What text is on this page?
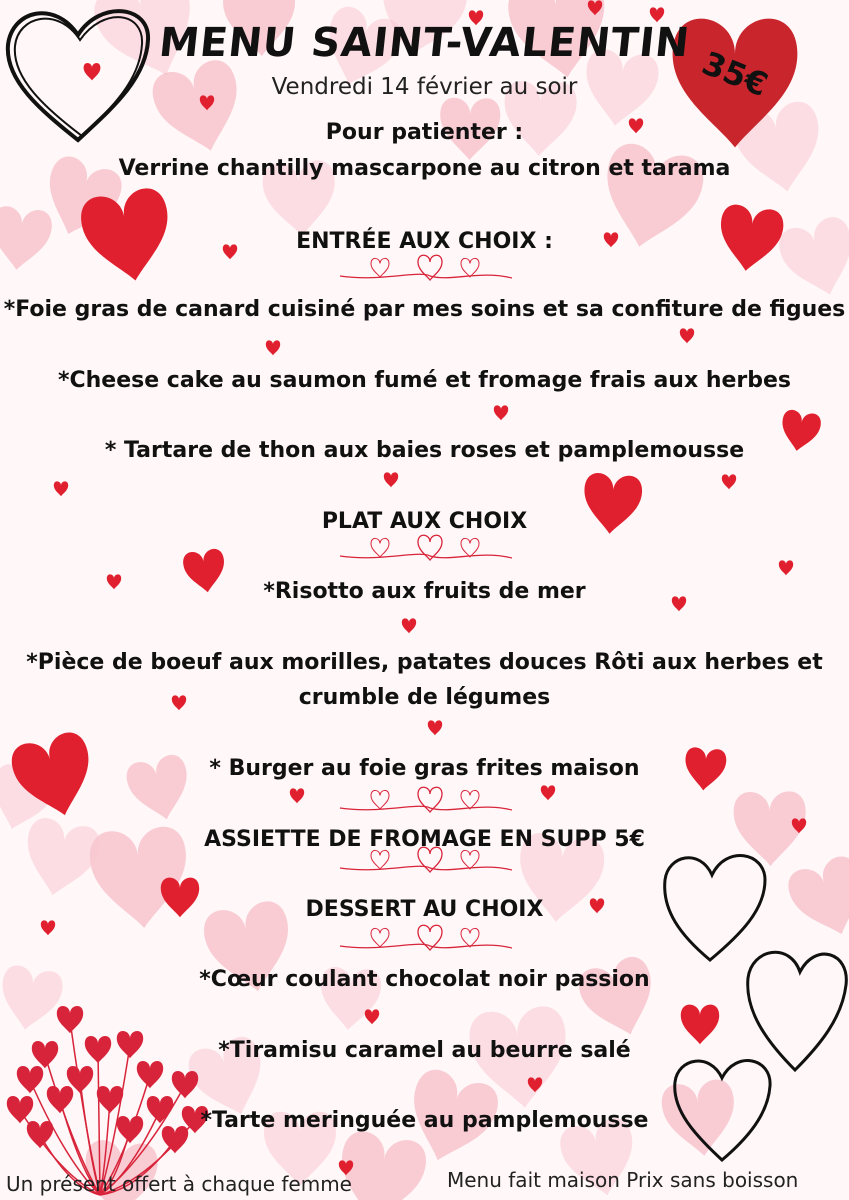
MENU SAINT-VALENTIN
Vendredi 14 février au soir	35€
Pour patienter :
Verrine chantilly mascarpone au citron et tarama
ENTRÉE AUX CHOIX :
*Foie gras de canard cuisiné par mes soins et sa confiture de figues
*Cheese cake au saumon fumé et fromage frais aux herbes
* Tartare de thon aux baies roses et pamplemousse
PLAT AUX CHOIX
*Risotto aux fruits de mer
*Pièce de boeuf aux morilles, patates douces Rôti aux herbes et
crumble de légumes
* Burger au foie gras frites maison
ASSIETTE DE FROMAGE EN SUPP 5€
DESSERT AU CHOIX
*Cœur coulant chocolat noir passion
*Tiramisu caramel au beurre salé
*Tarte meringuée au pamplemousse
Un présent offert à chaque femme	Menu fait maison Prix sans boisson
